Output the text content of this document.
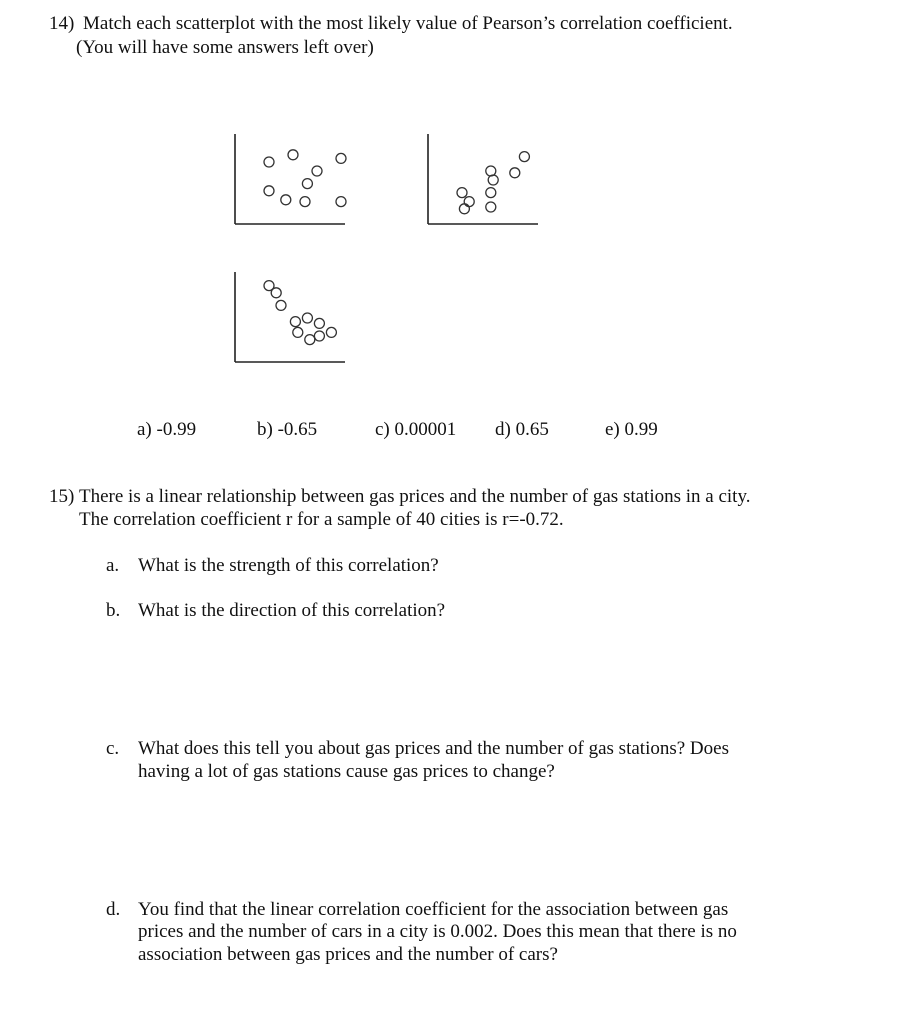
14) Match each scatterplot with the most likely value of Pearson’s correlation coefficient.
(You will have some answers left over)
a) -0.99	b) -0.65	c) 0.00001 d) 0.65	e) 0.99
15) There is a linear relationship between gas prices and the number of gas stations in a city.
The correlation coefficient r for a sample of 40 cities is r=-0.72.
a. What is the strength of this correlation?
b. What is the direction of this correlation?
c. What does this tell you about gas prices and the number of gas stations? Does
having a lot of gas stations cause gas prices to change?
d. You find that the linear correlation coefficient for the association between gas
prices and the number of cars in a city is 0.002. Does this mean that there is no
association between gas prices and the number of cars?
